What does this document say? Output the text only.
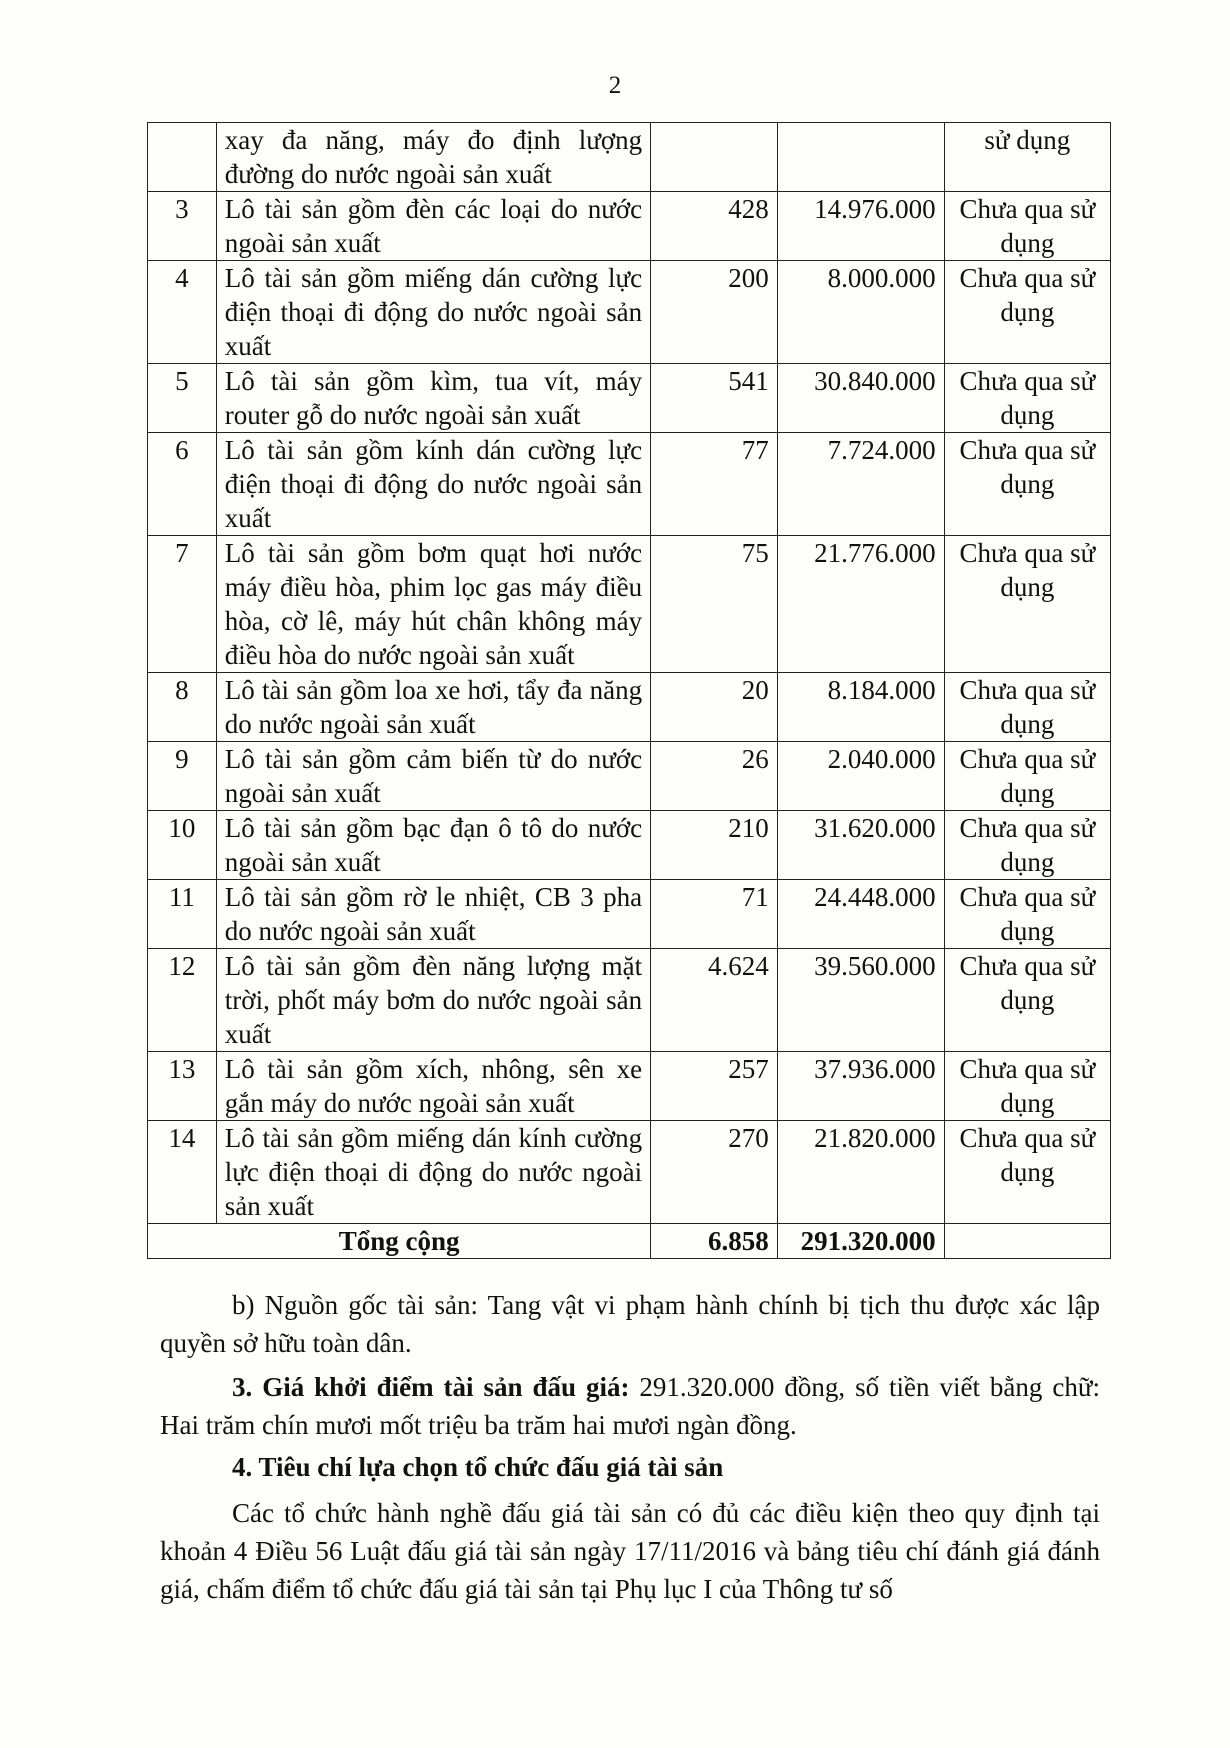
2
	xay đa năng, máy đo định lượng đường do nước ngoài sản xuất			sử dụng
3	Lô tài sản gồm đèn các loại do nước ngoài sản xuất	428	14.976.000	Chưa qua sử dụng
4	Lô tài sản gồm miếng dán cường lực điện thoại đi động do nước ngoài sản xuất	200	8.000.000	Chưa qua sử dụng
5	Lô tài sản gồm kìm, tua vít, máy router gỗ do nước ngoài sản xuất	541	30.840.000	Chưa qua sử dụng
6	Lô tài sản gồm kính dán cường lực điện thoại đi động do nước ngoài sản xuất	77	7.724.000	Chưa qua sử dụng
7	Lô tài sản gồm bơm quạt hơi nước máy điều hòa, phim lọc gas máy điều hòa, cờ lê, máy hút chân không máy điều hòa do nước ngoài sản xuất	75	21.776.000	Chưa qua sử dụng
8	Lô tài sản gồm loa xe hơi, tẩy đa năng do nước ngoài sản xuất	20	8.184.000	Chưa qua sử dụng
9	Lô tài sản gồm cảm biến từ do nước ngoài sản xuất	26	2.040.000	Chưa qua sử dụng
10	Lô tài sản gồm bạc đạn ô tô do nước ngoài sản xuất	210	31.620.000	Chưa qua sử dụng
11	Lô tài sản gồm rờ le nhiệt, CB 3 pha do nước ngoài sản xuất	71	24.448.000	Chưa qua sử dụng
12	Lô tài sản gồm đèn năng lượng mặt trời, phốt máy bơm do nước ngoài sản xuất	4.624	39.560.000	Chưa qua sử dụng
13	Lô tài sản gồm xích, nhông, sên xe gắn máy do nước ngoài sản xuất	257	37.936.000	Chưa qua sử dụng
14	Lô tài sản gồm miếng dán kính cường lực điện thoại di động do nước ngoài sản xuất	270	21.820.000	Chưa qua sử dụng
Tổng cộng		6.858	291.320.000	

b) Nguồn gốc tài sản: Tang vật vi phạm hành chính bị tịch thu được xác lập quyền sở hữu toàn dân.

3. Giá khởi điểm tài sản đấu giá: 291.320.000 đồng, số tiền viết bằng chữ: Hai trăm chín mươi mốt triệu ba trăm hai mươi ngàn đồng.

4. Tiêu chí lựa chọn tổ chức đấu giá tài sản

Các tổ chức hành nghề đấu giá tài sản có đủ các điều kiện theo quy định tại khoản 4 Điều 56 Luật đấu giá tài sản ngày 17/11/2016 và bảng tiêu chí đánh giá đánh giá, chấm điểm tổ chức đấu giá tài sản tại Phụ lục I của Thông tư số
